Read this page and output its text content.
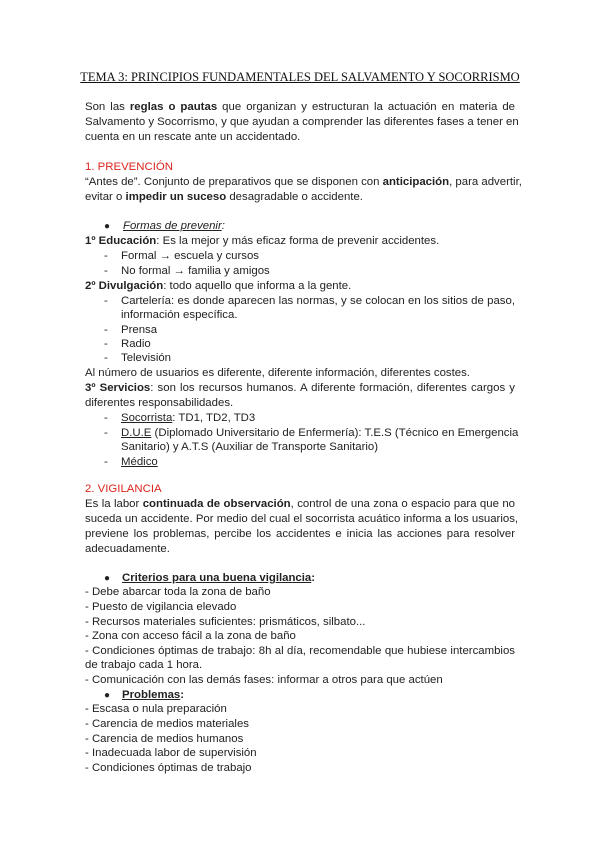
TEMA 3: PRINCIPIOS FUNDAMENTALES DEL SALVAMENTO Y SOCORRISMO
Son las reglas o pautas que organizan y estructuran la actuación en materia de
Salvamento y Socorrismo, y que ayudan a comprender las diferentes fases a tener en
cuenta en un rescate ante un accidentado.
1. PREVENCIÓN
“Antes de”. Conjunto de preparativos que se disponen con anticipación, para advertir,
evitar o impedir un suceso desagradable o accidente.
● Formas de prevenir:
1º Educación: Es la mejor y más eficaz forma de prevenir accidentes.
- Formal → escuela y cursos
- No formal → familia y amigos
2º Divulgación: todo aquello que informa a la gente.
- Cartelería: es donde aparecen las normas, y se colocan en los sitios de paso,
información específica.
- Prensa
- Radio
- Televisión
Al número de usuarios es diferente, diferente información, diferentes costes.
3º Servicios: son los recursos humanos. A diferente formación, diferentes cargos y
diferentes responsabilidades.
- Socorrista: TD1, TD2, TD3
- D.U.E (Diplomado Universitario de Enfermería): T.E.S (Técnico en Emergencia
Sanitario) y A.T.S (Auxiliar de Transporte Sanitario)
- Médico
2. VIGILANCIA
Es la labor continuada de observación, control de una zona o espacio para que no
suceda un accidente. Por medio del cual el socorrista acuático informa a los usuarios,
previene los problemas, percibe los accidentes e inicia las acciones para resolver
adecuadamente.
● Criterios para una buena vigilancia:
- Debe abarcar toda la zona de baño
- Puesto de vigilancia elevado
- Recursos materiales suficientes: prismáticos, silbato...
- Zona con acceso fácil a la zona de baño
- Condiciones óptimas de trabajo: 8h al día, recomendable que hubiese intercambios
de trabajo cada 1 hora.
- Comunicación con las demás fases: informar a otros para que actúen
● Problemas:
- Escasa o nula preparación
- Carencia de medios materiales
- Carencia de medios humanos
- Inadecuada labor de supervisión
- Condiciones óptimas de trabajo
